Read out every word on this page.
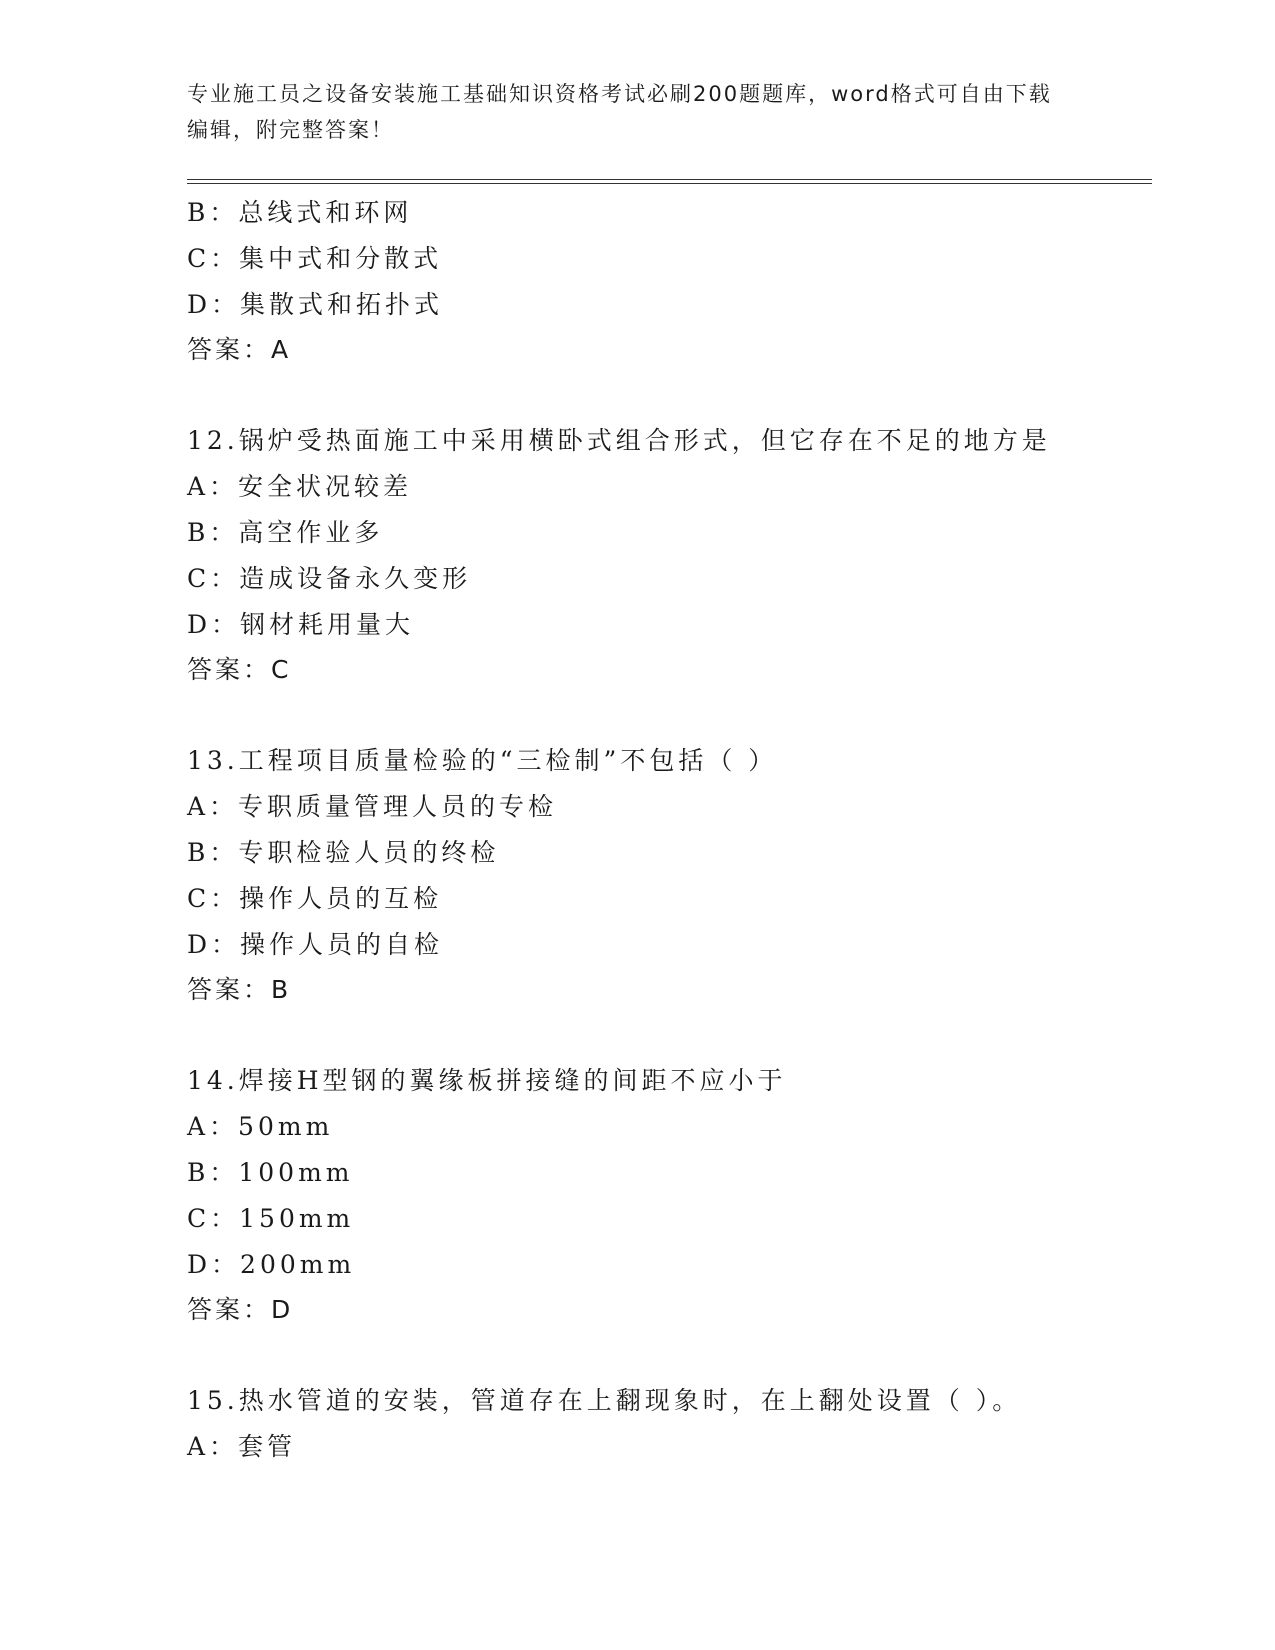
专业施工员之设备安装施工基础知识资格考试必刷200题题库，word格式可自由下载编辑，附完整答案！
B：总线式和环网
C：集中式和分散式
D：集散式和拓扑式
答案：A
12.锅炉受热面施工中采用横卧式组合形式，但它存在不足的地方是
A：安全状况较差
B：高空作业多
C：造成设备永久变形
D：钢材耗用量大
答案：C
13.工程项目质量检验的“三检制”不包括（ ）
A：专职质量管理人员的专检
B：专职检验人员的终检
C：操作人员的互检
D：操作人员的自检
答案：B
14.焊接H型钢的翼缘板拼接缝的间距不应小于
A：50mm
B：100mm
C：150mm
D：200mm
答案：D
15.热水管道的安装，管道存在上翻现象时，在上翻处设置（ ）。
A：套管
